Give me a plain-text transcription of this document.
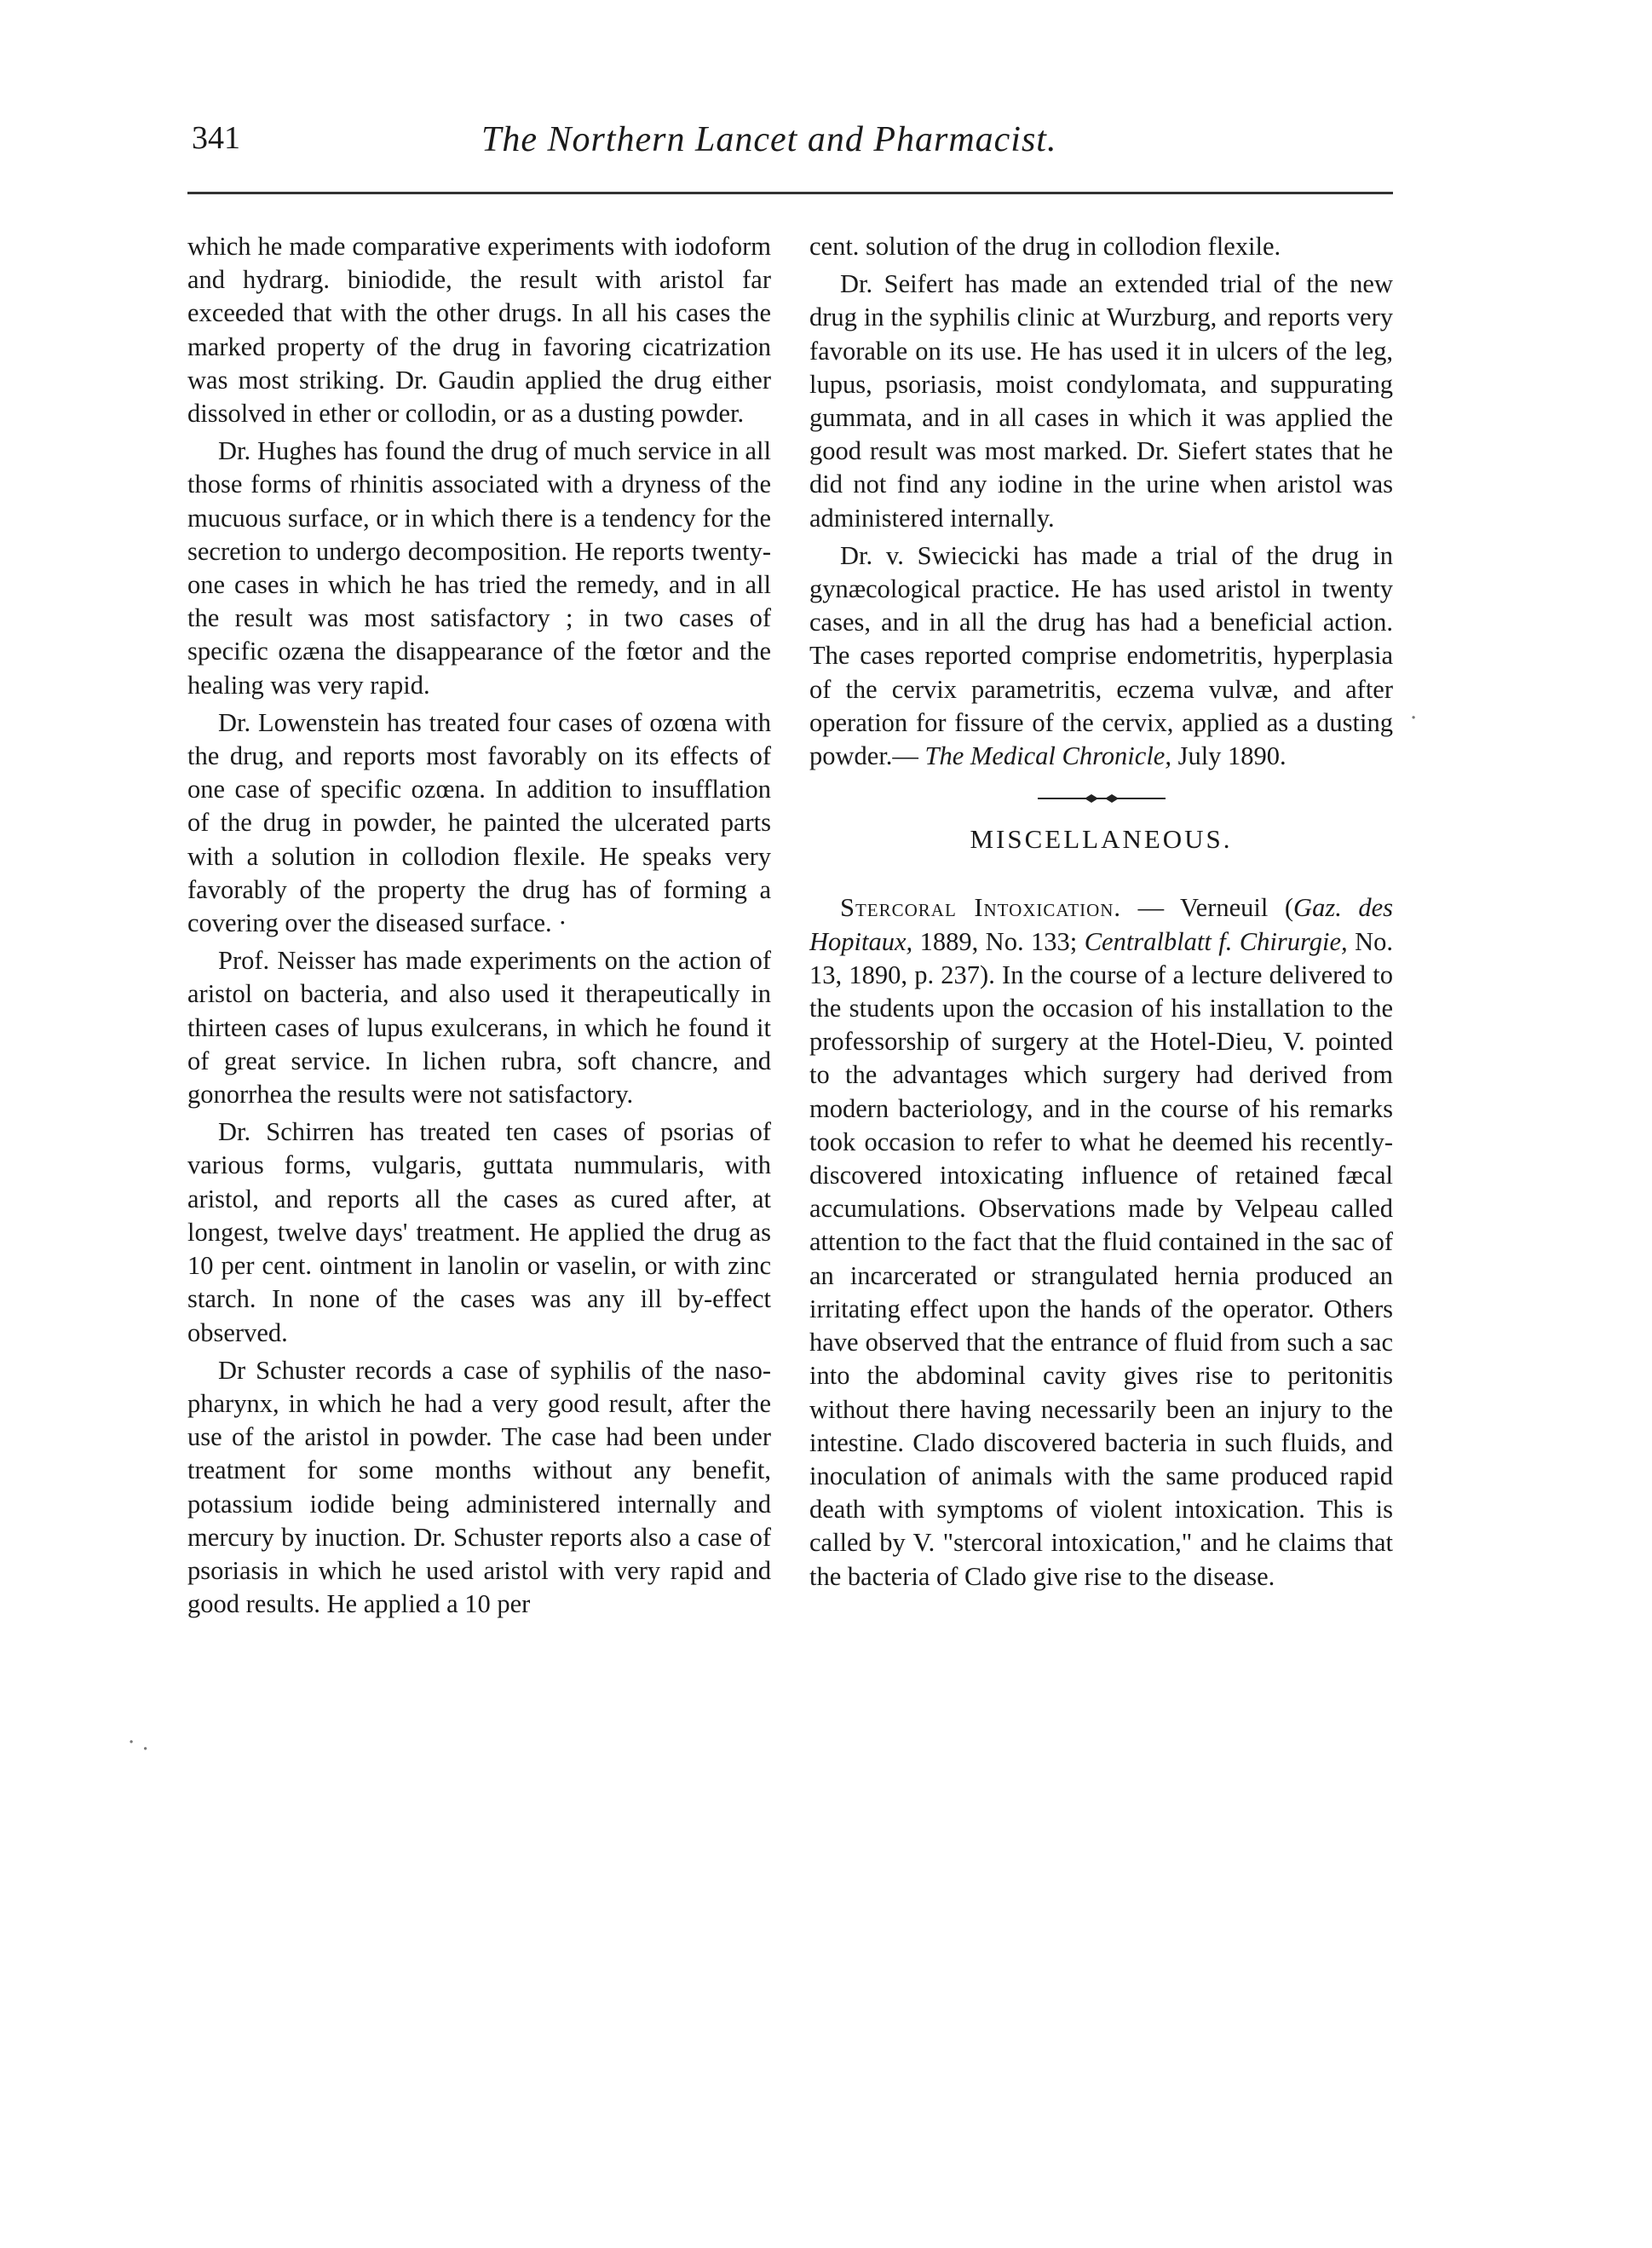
341	The Northern Lancet and Pharmacist.

which he made comparative experiments with iodoform and hydrarg. biniodide, the result with aristol far exceeded that with the other drugs. In all his cases the marked property of the drug in favoring cicatrization was most striking. Dr. Gaudin applied the drug either dissolved in ether or collodin, or as a dusting powder.

Dr. Hughes has found the drug of much service in all those forms of rhinitis associated with a dryness of the mucuous surface, or in which there is a tendency for the secretion to undergo decomposition. He reports twenty-one cases in which he has tried the remedy, and in all the result was most satisfactory ; in two cases of specific ozæna the disappearance of the fœtor and the healing was very rapid.

Dr. Lowenstein has treated four cases of ozœna with the drug, and reports most favorably on its effects of one case of specific ozœna. In addition to insufflation of the drug in powder, he painted the ulcerated parts with a solution in collodion flexile. He speaks very favorably of the property the drug has of forming a covering over the diseased surface. ·

Prof. Neisser has made experiments on the action of aristol on bacteria, and also used it therapeutically in thirteen cases of lupus exulcerans, in which he found it of great service. In lichen rubra, soft chancre, and gonorrhea the results were not satisfactory.

Dr. Schirren has treated ten cases of psorias of various forms, vulgaris, guttata nummularis, with aristol, and reports all the cases as cured after, at longest, twelve days' treatment. He applied the drug as 10 per cent. ointment in lanolin or vaselin, or with zinc starch. In none of the cases was any ill by-effect observed.

Dr Schuster records a case of syphilis of the naso-pharynx, in which he had a very good result, after the use of the aristol in powder. The case had been under treatment for some months without any benefit, potassium iodide being administered internally and mercury by inuction. Dr. Schuster reports also a case of psoriasis in which he used aristol with very rapid and good results. He applied a 10 per

cent. solution of the drug in collodion flexile.

Dr. Seifert has made an extended trial of the new drug in the syphilis clinic at Wurzburg, and reports very favorable on its use. He has used it in ulcers of the leg, lupus, psoriasis, moist condylomata, and suppurating gummata, and in all cases in which it was applied the good result was most marked. Dr. Siefert states that he did not find any iodine in the urine when aristol was administered internally.

Dr. v. Swiecicki has made a trial of the drug in gynæcological practice. He has used aristol in twenty cases, and in all the drug has had a beneficial action. The cases reported comprise endometritis, hyperplasia of the cervix parametritis, eczema vulvæ, and after operation for fissure of the cervix, applied as a dusting powder.— The Medical Chronicle, July 1890.

MISCELLANEOUS.

Stercoral Intoxication. — Verneuil (Gaz. des Hopitaux, 1889, No. 133; Centralblatt f. Chirurgie, No. 13, 1890, p. 237). In the course of a lecture delivered to the students upon the occasion of his installation to the professorship of surgery at the Hotel-Dieu, V. pointed to the advantages which surgery had derived from modern bacteriology, and in the course of his remarks took occasion to refer to what he deemed his recently-discovered intoxicating influence of retained fæcal accumulations. Observations made by Velpeau called attention to the fact that the fluid contained in the sac of an incarcerated or strangulated hernia produced an irritating effect upon the hands of the operator. Others have observed that the entrance of fluid from such a sac into the abdominal cavity gives rise to peritonitis without there having necessarily been an injury to the intestine. Clado discovered bacteria in such fluids, and inoculation of animals with the same produced rapid death with symptoms of violent intoxication. This is called by V. "stercoral intoxication," and he claims that the bacteria of Clado give rise to the disease.

·
· .
